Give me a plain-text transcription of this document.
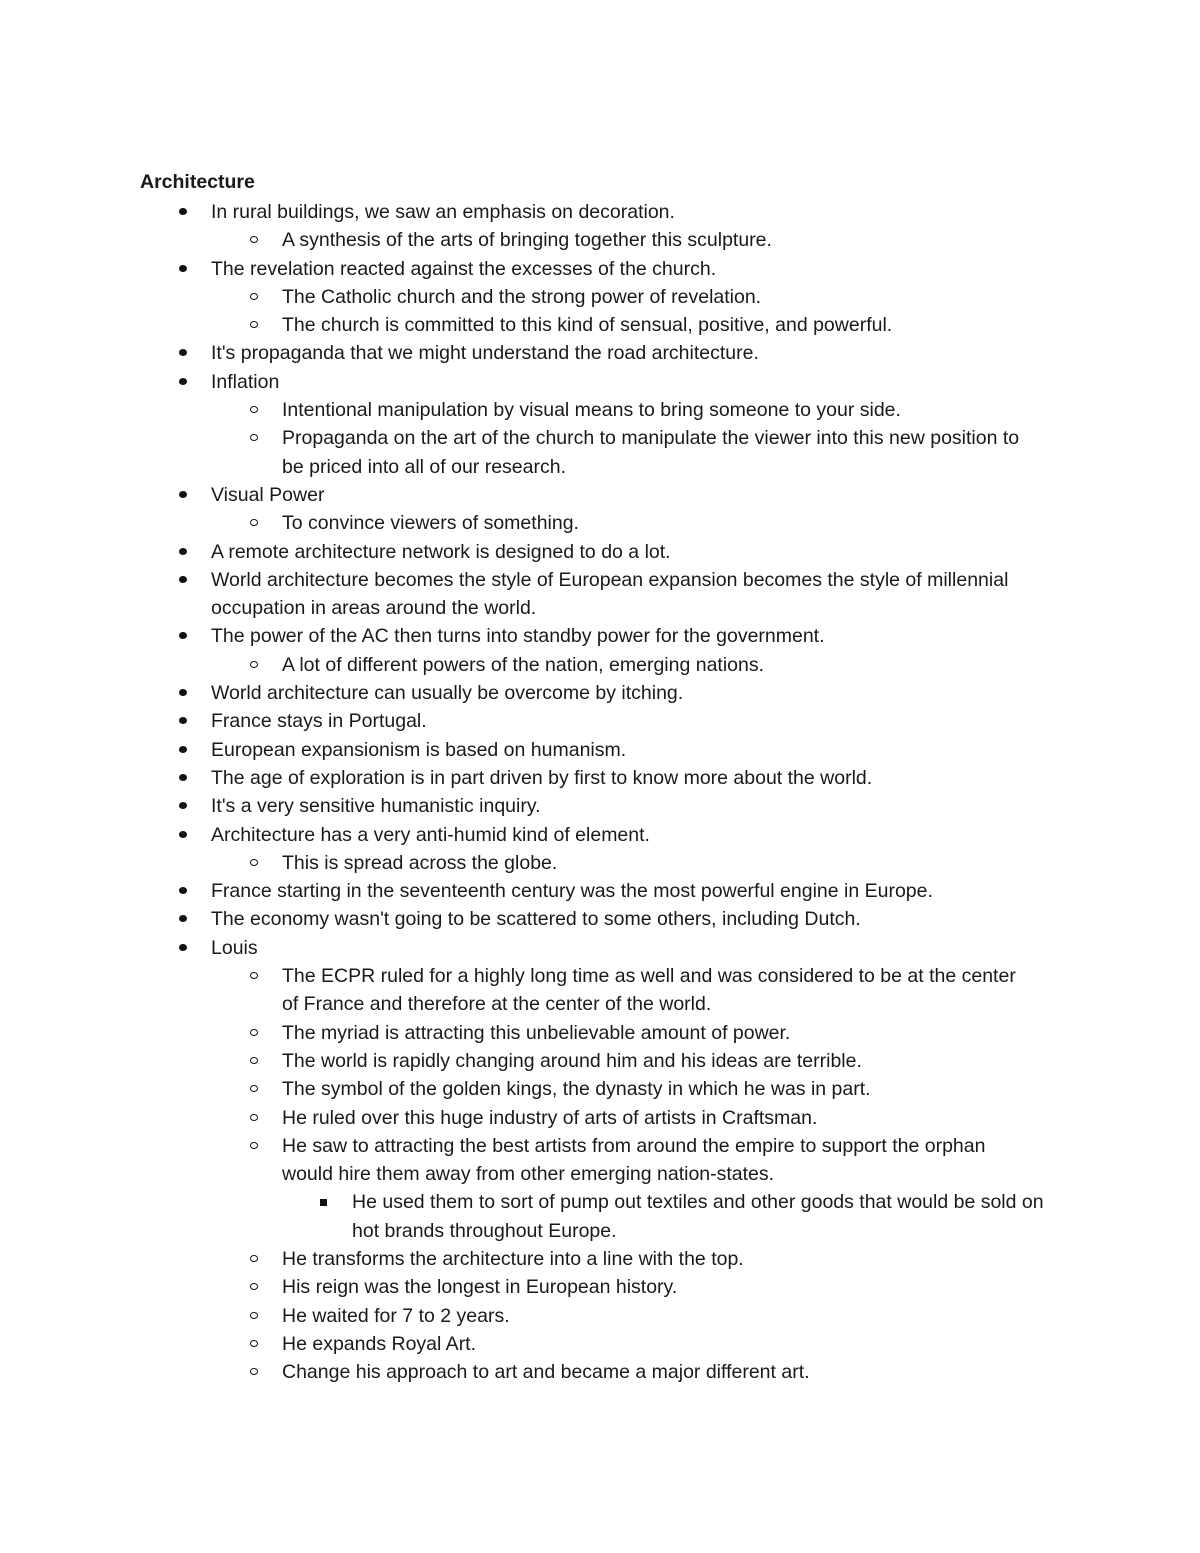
Architecture
In rural buildings, we saw an emphasis on decoration.
A synthesis of the arts of bringing together this sculpture.
The revelation reacted against the excesses of the church.
The Catholic church and the strong power of revelation.
The church is committed to this kind of sensual, positive, and powerful.
It's propaganda that we might understand the road architecture.
Inflation
Intentional manipulation by visual means to bring someone to your side.
Propaganda on the art of the church to manipulate the viewer into this new position to be priced into all of our research.
Visual Power
To convince viewers of something.
A remote architecture network is designed to do a lot.
World architecture becomes the style of European expansion becomes the style of millennial occupation in areas around the world.
The power of the AC then turns into standby power for the government.
A lot of different powers of the nation, emerging nations.
World architecture can usually be overcome by itching.
France stays in Portugal.
European expansionism is based on humanism.
The age of exploration is in part driven by first to know more about the world.
It's a very sensitive humanistic inquiry.
Architecture has a very anti-humid kind of element.
This is spread across the globe.
France starting in the seventeenth century was the most powerful engine in Europe.
The economy wasn't going to be scattered to some others, including Dutch.
Louis
The ECPR ruled for a highly long time as well and was considered to be at the center of France and therefore at the center of the world.
The myriad is attracting this unbelievable amount of power.
The world is rapidly changing around him and his ideas are terrible.
The symbol of the golden kings, the dynasty in which he was in part.
He ruled over this huge industry of arts of artists in Craftsman.
He saw to attracting the best artists from around the empire to support the orphan would hire them away from other emerging nation-states.
He used them to sort of pump out textiles and other goods that would be sold on hot brands throughout Europe.
He transforms the architecture into a line with the top.
His reign was the longest in European history.
He waited for 7 to 2 years.
He expands Royal Art.
Change his approach to art and became a major different art.
